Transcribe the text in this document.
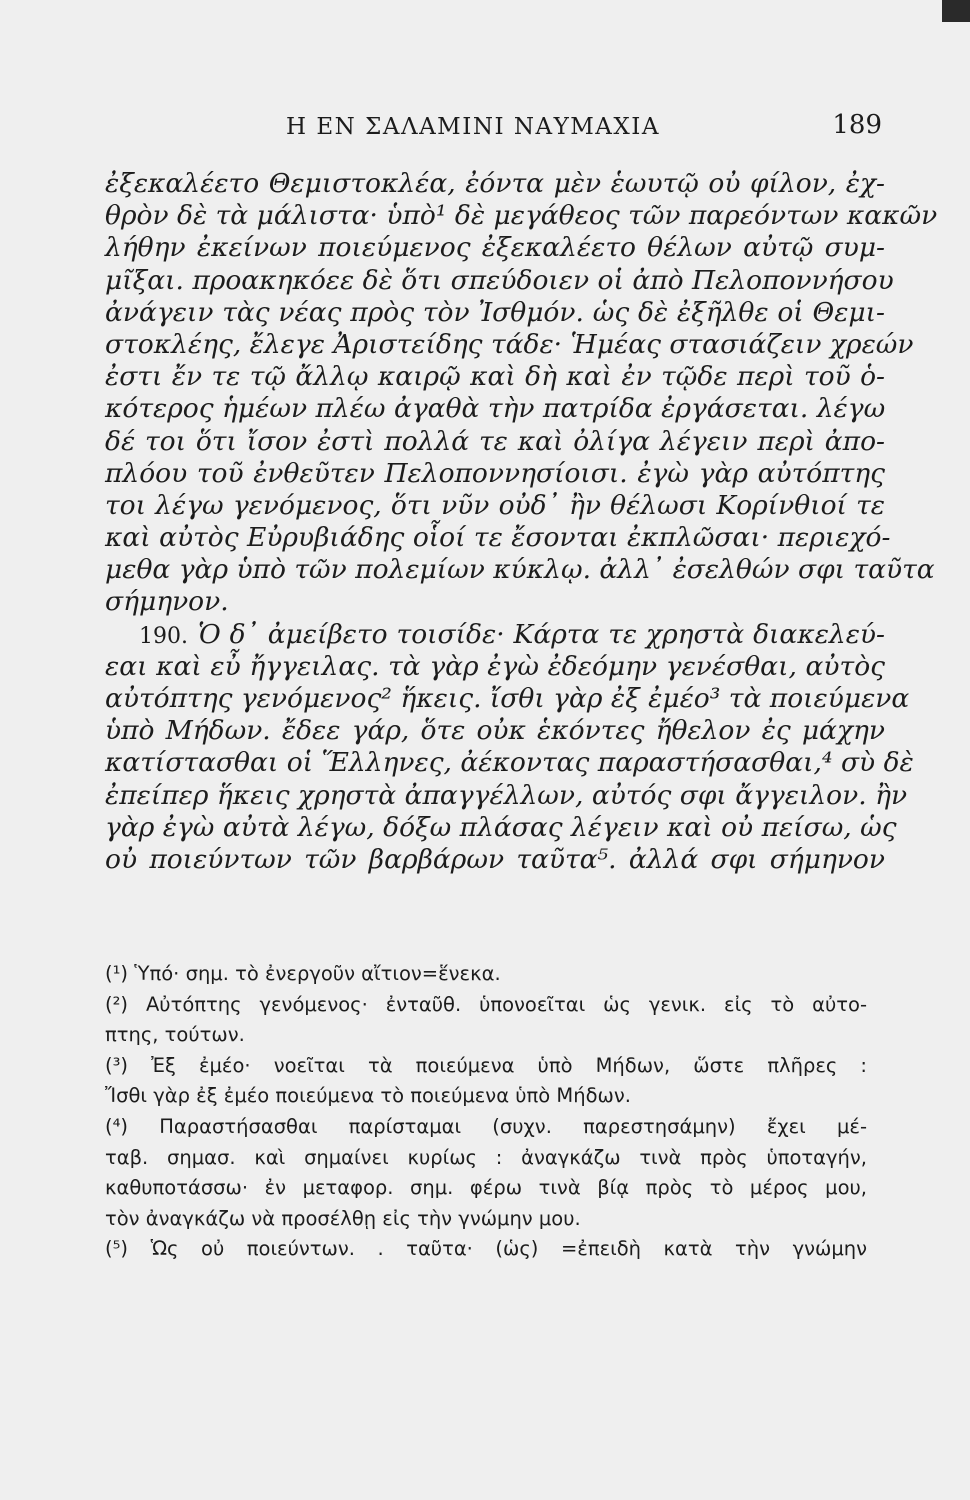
Η ΕΝ ΣΑΛΑΜΙΝΙ ΝΑΥΜΑΧΙΑ	189
ἐξεκαλέετο Θεμιστοκλέα, ἐόντα μὲν ἑωυτῷ οὐ φίλον, ἐχ-
θρὸν δὲ τὰ μάλιστα· ὑπὸ¹ δὲ μεγάθεος τῶν παρεόντων κακῶν
λήθην ἐκείνων ποιεύμενος ἐξεκαλέετο θέλων αὐτῷ συμ-
μῖξαι. προακηκόεε δὲ ὅτι σπεύδοιεν οἱ ἀπὸ Πελοποννήσου
ἀνάγειν τὰς νέας πρὸς τὸν Ἰσθμόν. ὡς δὲ ἐξῆλθε οἱ Θεμι-
στοκλέης, ἔλεγε Ἀριστείδης τάδε· Ἡμέας στασιάζειν χρεών
ἐστι ἔν τε τῷ ἄλλῳ καιρῷ καὶ δὴ καὶ ἐν τῷδε περὶ τοῦ ὁ-
κότερος ἡμέων πλέω ἀγαθὰ τὴν πατρίδα ἐργάσεται. λέγω
δέ τοι ὅτι ἴσον ἐστὶ πολλά τε καὶ ὀλίγα λέγειν περὶ ἀπο-
πλόου τοῦ ἐνθεῦτεν Πελοποννησίοισι. ἐγὼ γὰρ αὐτόπτης
τοι λέγω γενόμενος, ὅτι νῦν οὐδ᾽ ἢν θέλωσι Κορίνθιοί τε
καὶ αὐτὸς Εὐρυβιάδης οἷοί τε ἔσονται ἐκπλῶσαι· περιεχό-
μεθα γὰρ ὑπὸ τῶν πολεμίων κύκλῳ. ἀλλ᾽ ἐσελθών σφι ταῦτα
σήμηνον.
190. Ὁ δ᾽ ἀμείβετο τοισίδε· Κάρτα τε χρηστὰ διακελεύ-
εαι καὶ εὖ ἤγγειλας. τὰ γὰρ ἐγὼ ἐδεόμην γενέσθαι, αὐτὸς
αὐτόπτης γενόμενος² ἥκεις. ἴσθι γὰρ ἐξ ἐμέο³ τὰ ποιεύμενα
ὑπὸ Μήδων. ἔδεε γάρ, ὅτε οὐκ ἑκόντες ἤθελον ἐς μάχην
κατίστασθαι οἱ Ἕλληνες, ἀέκοντας παραστήσασθαι,⁴ σὺ δὲ
ἐπείπερ ἥκεις χρηστὰ ἀπαγγέλλων, αὐτός σφι ἄγγειλον. ἢν
γὰρ ἐγὼ αὐτὰ λέγω, δόξω πλάσας λέγειν καὶ οὐ πείσω, ὡς
οὐ ποιεύντων τῶν βαρβάρων ταῦτα⁵. ἀλλά σφι σήμηνον
(¹) Ὑπό· σημ. τὸ ἐνεργοῦν αἴτιον=ἕνεκα.
(²) Αὐτόπτης γενόμενος· ἐνταῦθ. ὑπονοεῖται ὡς γενικ. εἰς τὸ αὐτο-
πτης, τούτων.
(³) Ἐξ ἐμέο· νοεῖται τὰ ποιεύμενα ὑπὸ Μήδων, ὥστε πλῆρες :
Ἴσθι γὰρ ἐξ ἐμέο ποιεύμενα τὸ ποιεύμενα ὑπὸ Μήδων.
(⁴) Παραστήσασθαι παρίσταμαι (συχν. παρεστησάμην) ἔχει μέ-
ταβ. σημασ. καὶ σημαίνει κυρίως : ἀναγκάζω τινὰ πρὸς ὑποταγήν,
καθυποτάσσω· ἐν μεταφορ. σημ. φέρω τινὰ βίᾳ πρὸς τὸ μέρος μου,
τὸν ἀναγκάζω νὰ προσέλθῃ εἰς τὴν γνώμην μου.
(⁵) Ὡς οὐ ποιεύντων. . ταῦτα· (ὡς) =ἐπειδὴ κατὰ τὴν γνώμην
